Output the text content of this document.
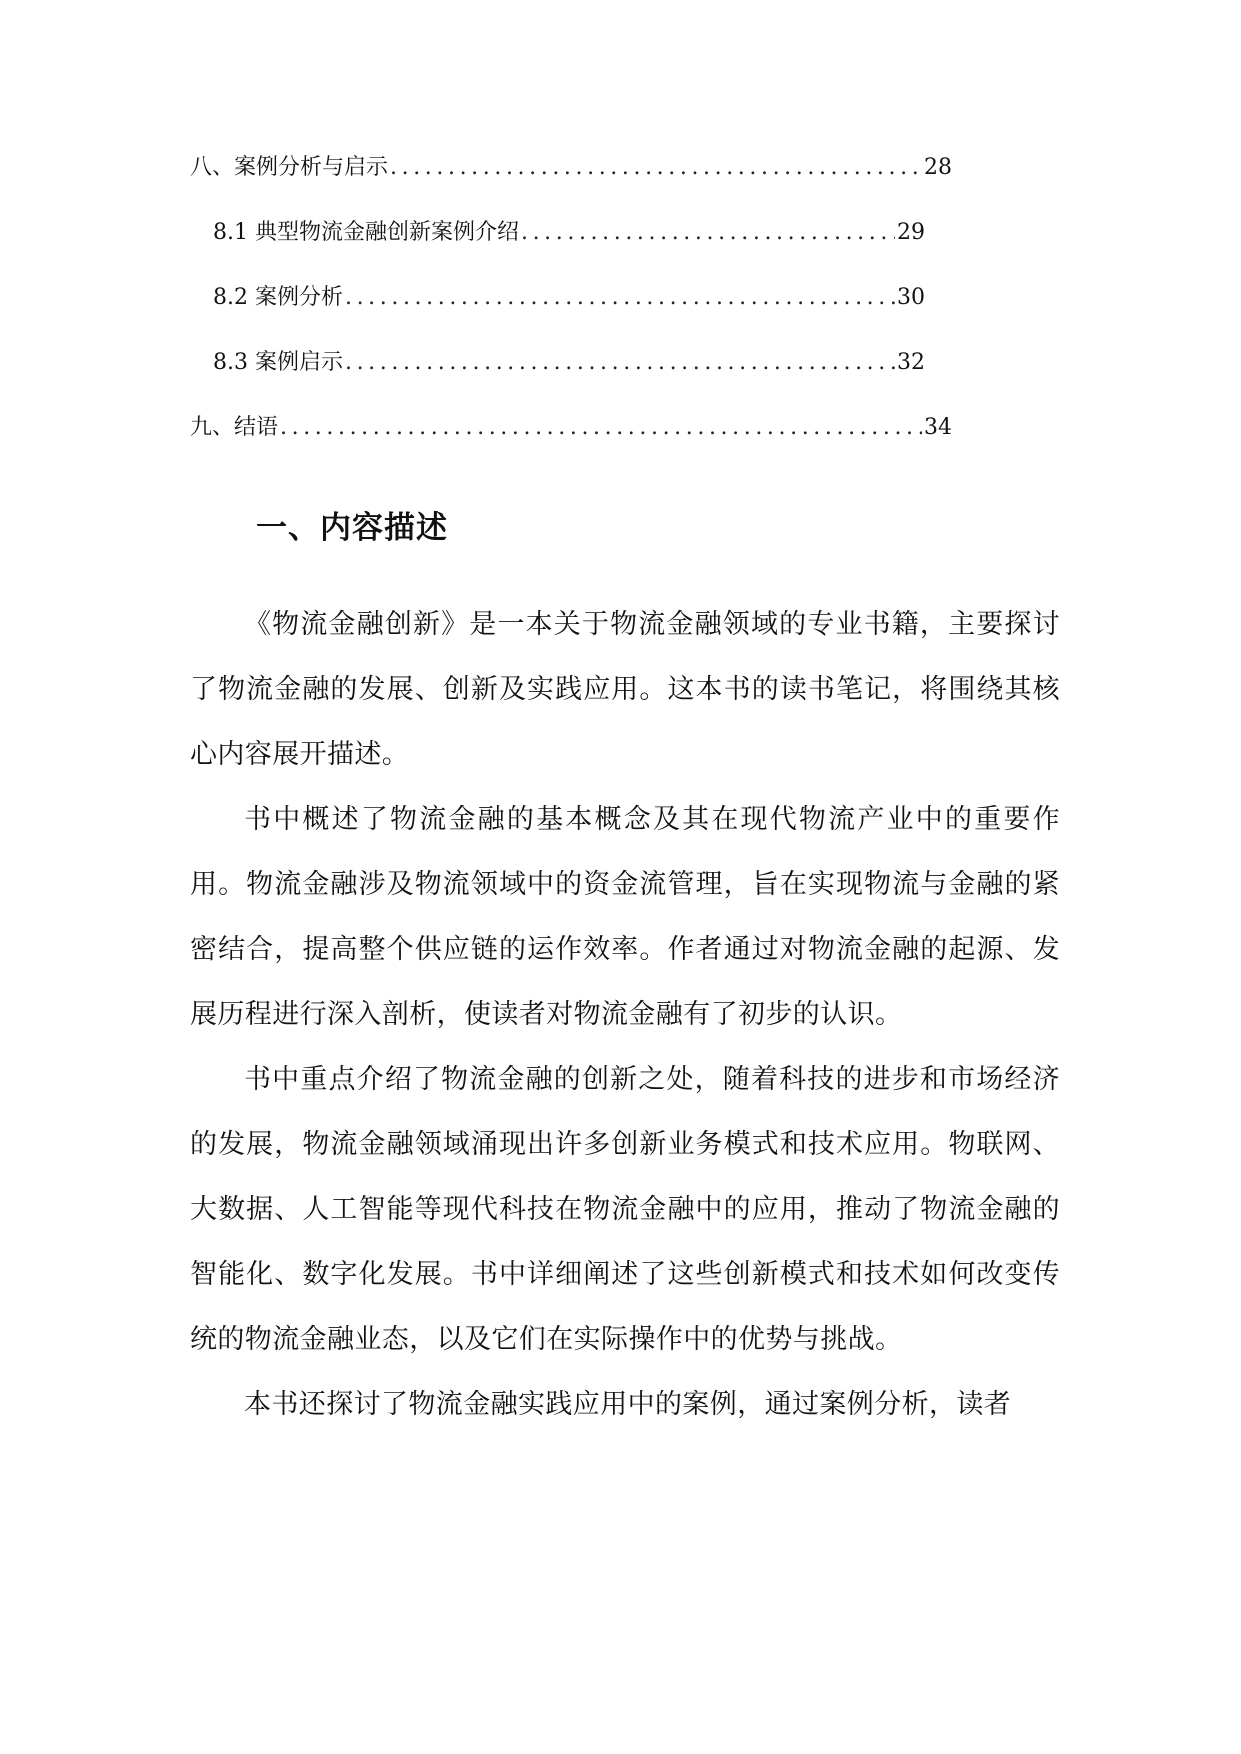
八、案例分析与启示 .....	28
8.1 典型物流金融创新案例介绍 .....	29
8.2 案例分析 .....	30
8.3 案例启示 .....	32
九、结语 .....	34
一、内容描述

《物流金融创新》是一本关于物流金融领域的专业书籍，主要探讨了物流金融的发展、创新及实践应用。这本书的读书笔记，将围绕其核心内容展开描述。

书中概述了物流金融的基本概念及其在现代物流产业中的重要作用。物流金融涉及物流领域中的资金流管理，旨在实现物流与金融的紧密结合，提高整个供应链的运作效率。作者通过对物流金融的起源、发展历程进行深入剖析，使读者对物流金融有了初步的认识。

书中重点介绍了物流金融的创新之处，随着科技的进步和市场经济的发展，物流金融领域涌现出许多创新业务模式和技术应用。物联网、大数据、人工智能等现代科技在物流金融中的应用，推动了物流金融的智能化、数字化发展。书中详细阐述了这些创新模式和技术如何改变传统的物流金融业态，以及它们在实际操作中的优势与挑战。

本书还探讨了物流金融实践应用中的案例，通过案例分析，读者
